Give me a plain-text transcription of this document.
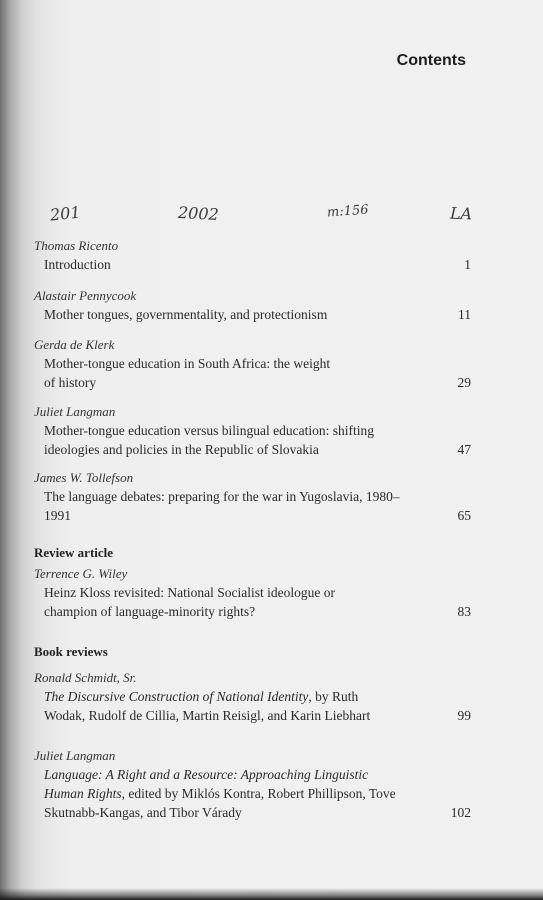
Contents
201	2002	m:156	LA
Thomas Ricento
Introduction	1
Alastair Pennycook
Mother tongues, governmentality, and protectionism	11
Gerda de Klerk
Mother-tongue education in South Africa: the weight of history	29
Juliet Langman
Mother-tongue education versus bilingual education: shifting ideologies and policies in the Republic of Slovakia	47
James W. Tollefson
The language debates: preparing for the war in Yugoslavia, 1980–1991	65
Review article
Terrence G. Wiley
Heinz Kloss revisited: National Socialist ideologue or champion of language-minority rights?	83
Book reviews
Ronald Schmidt, Sr.
The Discursive Construction of National Identity, by Ruth Wodak, Rudolf de Cillia, Martin Reisigl, and Karin Liebhart	99
Juliet Langman
Language: A Right and a Resource: Approaching Linguistic Human Rights, edited by Miklós Kontra, Robert Phillipson, Tove Skutnabb-Kangas, and Tibor Várady	102
